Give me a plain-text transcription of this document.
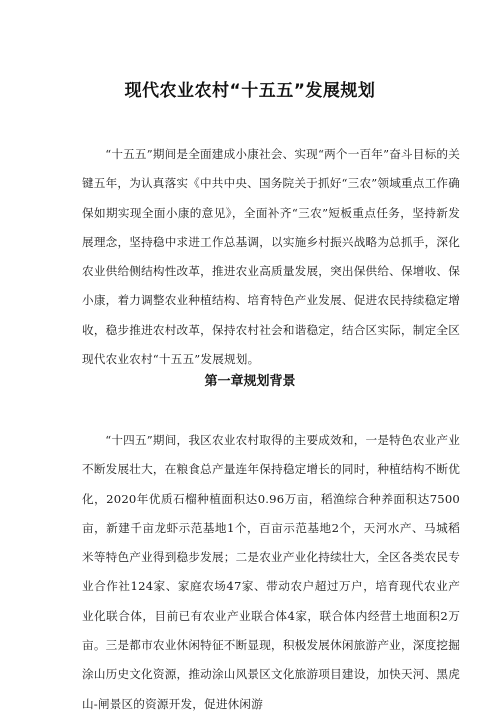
现代农业农村“十五五”发展规划

“十五五”期间是全面建成小康社会、实现“两个一百年”奋斗目标的关键五年，为认真落实《中共中央、国务院关于抓好“三农”领域重点工作确保如期实现全面小康的意见》，全面补齐“三农”短板重点任务，坚持新发展理念，坚持稳中求进工作总基调，以实施乡村振兴战略为总抓手，深化农业供给侧结构性改革，推进农业高质量发展，突出保供给、保增收、保小康，着力调整农业种植结构、培育特色产业发展、促进农民持续稳定增收，稳步推进农村改革，保持农村社会和谐稳定，结合区实际，制定全区现代农业农村“十五五”发展规划。

第一章规划背景

“十四五”期间，我区农业农村取得的主要成效和，一是特色农业产业不断发展壮大，在粮食总产量连年保持稳定增长的同时，种植结构不断优化，2020年优质石榴种植面积达0.96万亩，稻渔综合种养面积达7500亩，新建千亩龙虾示范基地1个，百亩示范基地2个，天河水产、马城稻米等特色产业得到稳步发展；二是农业产业化持续壮大，全区各类农民专业合作社124家、家庭农场47家、带动农户超过万户，培育现代农业产业化联合体，目前已有农业产业联合体4家，联合体内经营土地面积2万亩。三是都市农业休闲特征不断显现，积极发展休闲旅游产业，深度挖掘涂山历史文化资源，推动涂山风景区文化旅游项目建设，加快天河、黑虎山-闸景区的资源开发，促进休闲游
